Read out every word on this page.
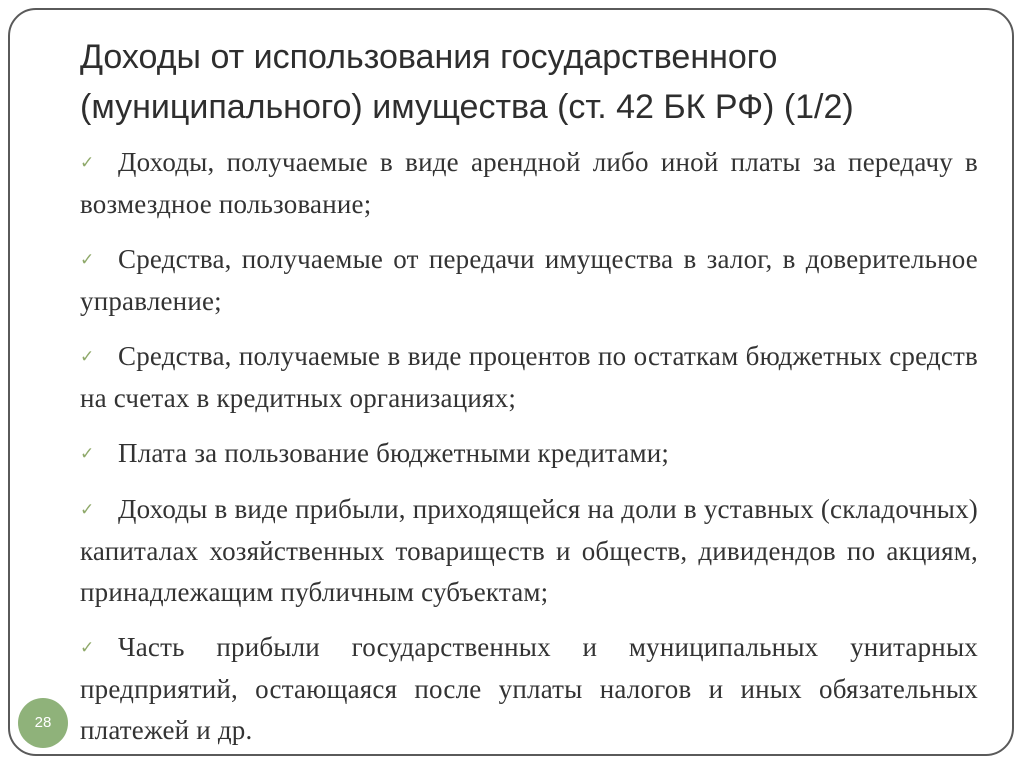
Доходы от использования государственного (муниципального) имущества (ст. 42 БК РФ) (1/2)
✓ Доходы, получаемые в виде арендной либо иной платы за передачу в возмездное пользование;
✓ Средства, получаемые от передачи имущества в залог, в доверительное управление;
✓ Средства, получаемые в виде процентов по остаткам бюджетных средств на счетах в кредитных организациях;
✓ Плата за пользование бюджетными кредитами;
✓ Доходы в виде прибыли, приходящейся на доли в уставных (складочных) капиталах хозяйственных товариществ и обществ, дивидендов по акциям, принадлежащим публичным субъектам;
✓ Часть прибыли государственных и муниципальных унитарных предприятий, остающаяся после уплаты налогов и иных обязательных платежей и др.
28
